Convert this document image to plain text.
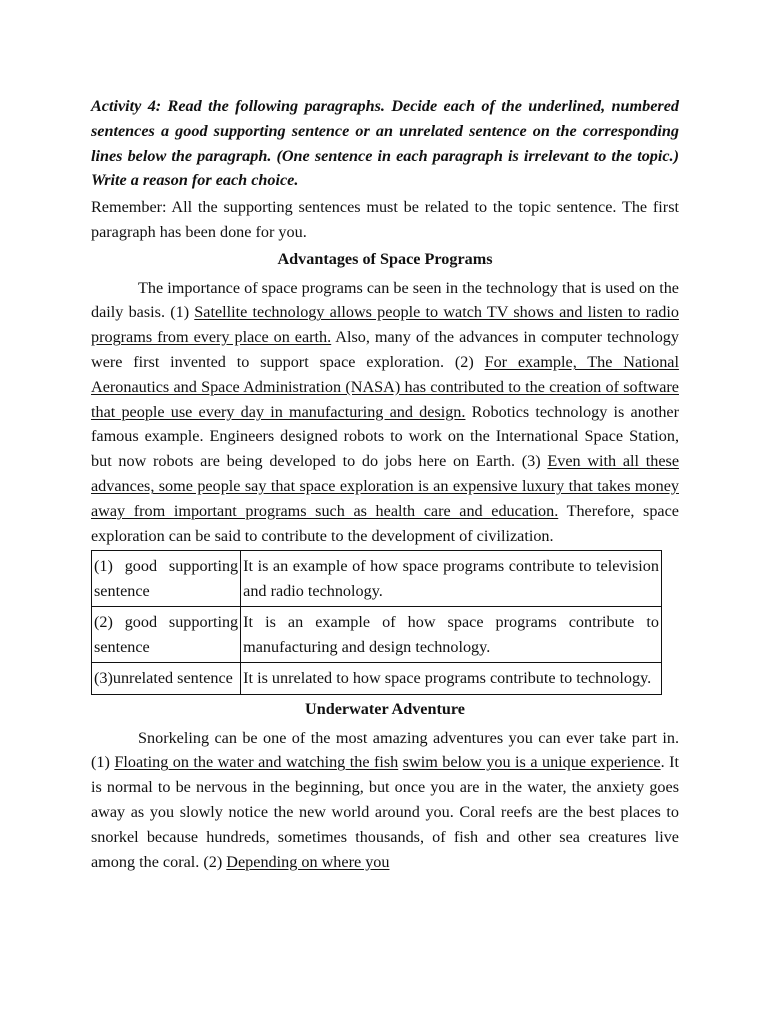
Activity 4: Read the following paragraphs. Decide each of the underlined, numbered sentences a good supporting sentence or an unrelated sentence on the corresponding lines below the paragraph. (One sentence in each paragraph is irrelevant to the topic.) Write a reason for each choice.

Remember: All the supporting sentences must be related to the topic sentence. The first paragraph has been done for you.

Advantages of Space Programs

The importance of space programs can be seen in the technology that is used on the daily basis. (1) Satellite technology allows people to watch TV shows and listen to radio programs from every place on earth. Also, many of the advances in computer technology were first invented to support space exploration. (2) For example, The National Aeronautics and Space Administration (NASA) has contributed to the creation of software that people use every day in manufacturing and design. Robotics technology is another famous example. Engineers designed robots to work on the International Space Station, but now robots are being developed to do jobs here on Earth. (3) Even with all these advances, some people say that space exploration is an expensive luxury that takes money away from important programs such as health care and education. Therefore, space exploration can be said to contribute to the development of civilization.

(1) good supporting sentence	It is an example of how space programs contribute to television and radio technology.
(2) good supporting sentence	It is an example of how space programs contribute to manufacturing and design technology.
(3)unrelated sentence	It is unrelated to how space programs contribute to technology.

Underwater Adventure

Snorkeling can be one of the most amazing adventures you can ever take part in. (1) Floating on the water and watching the fish swim below you is a unique experience. It is normal to be nervous in the beginning, but once you are in the water, the anxiety goes away as you slowly notice the new world around you. Coral reefs are the best places to snorkel because hundreds, sometimes thousands, of fish and other sea creatures live among the coral. (2) Depending on where you
